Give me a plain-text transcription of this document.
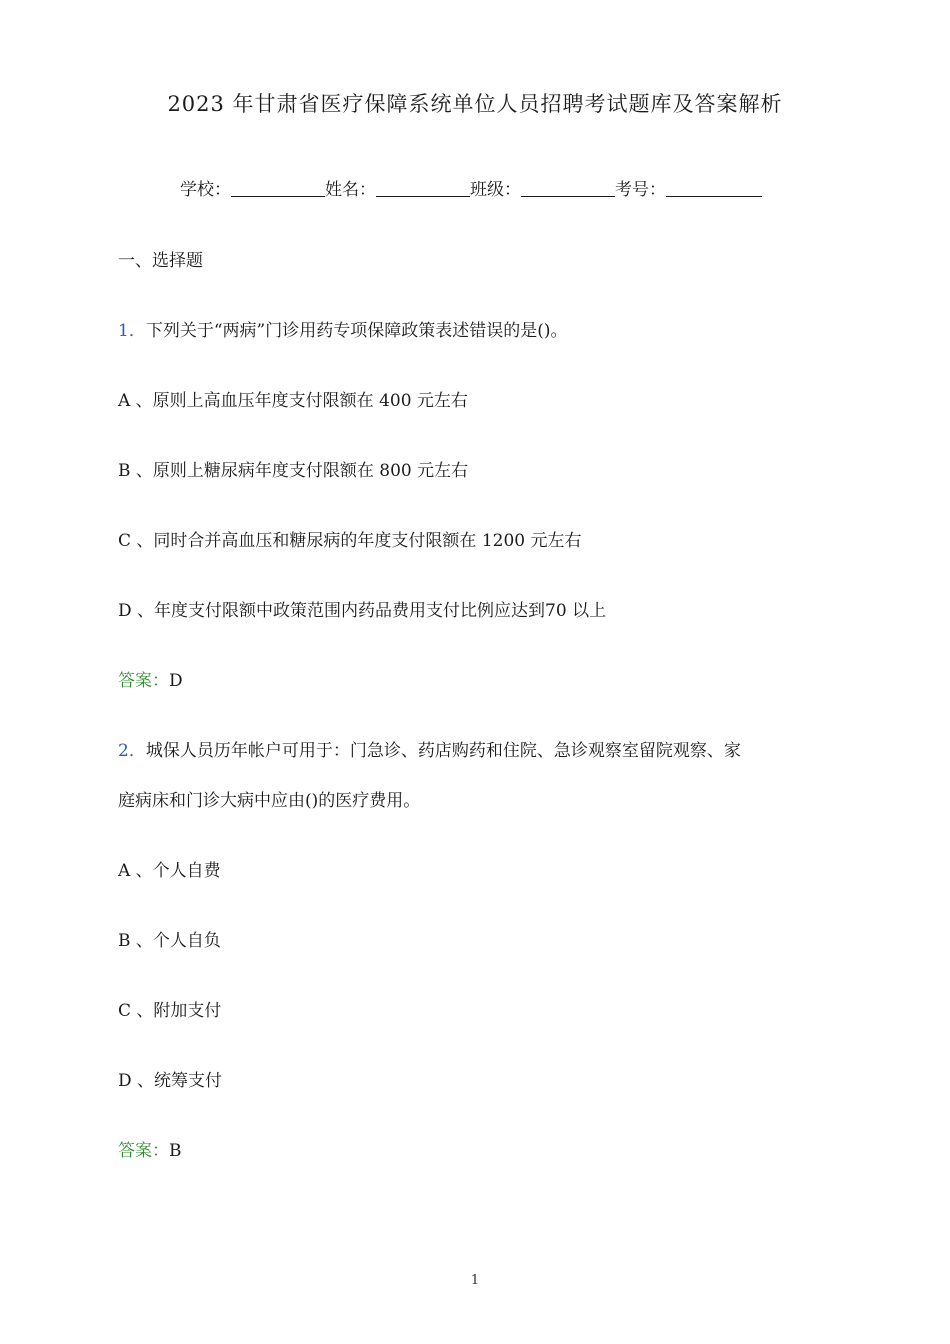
2023 年甘肃省医疗保障系统单位人员招聘考试题库及答案解析
学校：	姓名：	班级：	考号：
一、选择题
1．下列关于“两病”门诊用药专项保障政策表述错误的是()。
A 、原则上高血压年度支付限额在 400 元左右
B 、原则上糖尿病年度支付限额在 800 元左右
C 、同时合并高血压和糖尿病的年度支付限额在 1200 元左右
D 、年度支付限额中政策范围内药品费用支付比例应达到70 以上
答案：D
2．城保人员历年帐户可用于：门急诊、药店购药和住院、急诊观察室留院观察、家
庭病床和门诊大病中应由()的医疗费用。
A 、个人自费
B 、个人自负
C 、附加支付
D 、统筹支付
答案：B
1
